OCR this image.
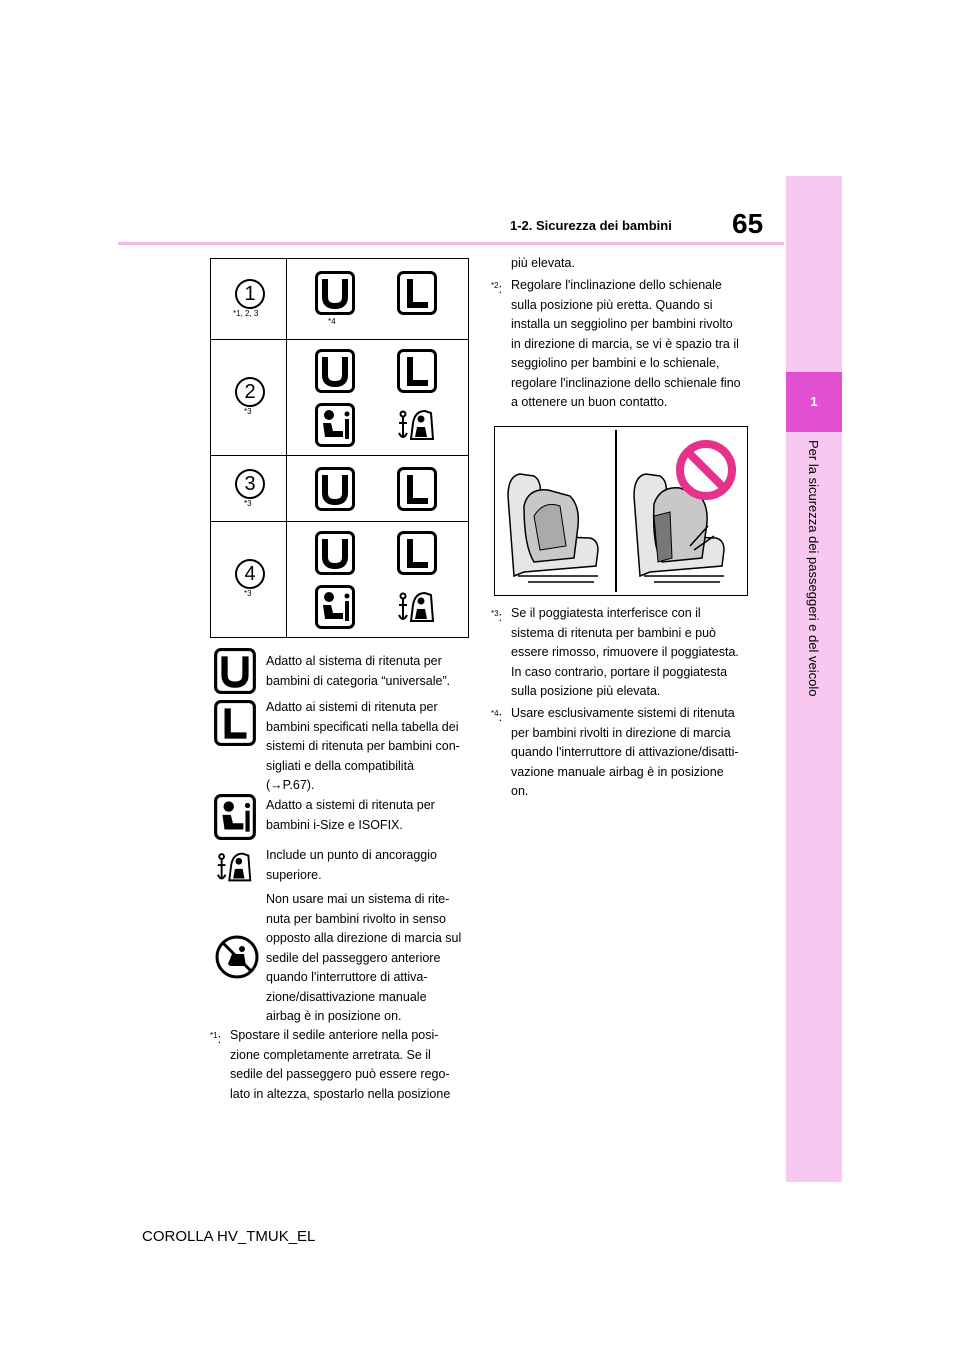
1-2. Sicurezza dei bambini 65
1
Per la sicurezza dei passeggeri e del veicolo
1
*1, 2, 3
*4
2
*3
3
*3
4
*3
Adatto al sistema di ritenuta per
bambini di categoria “universale”.
Adatto ai sistemi di ritenuta per
bambini specificati nella tabella dei
sistemi di ritenuta per bambini con-
sigliati e della compatibilità
(→P.67).
Adatto a sistemi di ritenuta per
bambini i-Size e ISOFIX.
Include un punto di ancoraggio
superiore.
Non usare mai un sistema di rite-
nuta per bambini rivolto in senso
opposto alla direzione di marcia sul
sedile del passeggero anteriore
quando l'interruttore di attiva-
zione/disattivazione manuale
airbag è in posizione on.
$^{*1}$: Spostare il sedile anteriore nella posi-
zione completamente arretrata. Se il
sedile del passeggero può essere rego-
lato in altezza, spostarlo nella posizione
più elevata.
$^{*2}$: Regolare l'inclinazione dello schienale
sulla posizione più eretta. Quando si
installa un seggiolino per bambini rivolto
in direzione di marcia, se vi è spazio tra il
seggiolino per bambini e lo schienale,
regolare l'inclinazione dello schienale fino
a ottenere un buon contatto.
$^{*3}$: Se il poggiatesta interferisce con il
sistema di ritenuta per bambini e può
essere rimosso, rimuovere il poggiatesta.
In caso contrario, portare il poggiatesta
sulla posizione più elevata.
$^{*4}$: Usare esclusivamente sistemi di ritenuta
per bambini rivolti in direzione di marcia
quando l'interruttore di attivazione/disatti-
vazione manuale airbag è in posizione
on.
COROLLA HV_TMUK_EL
